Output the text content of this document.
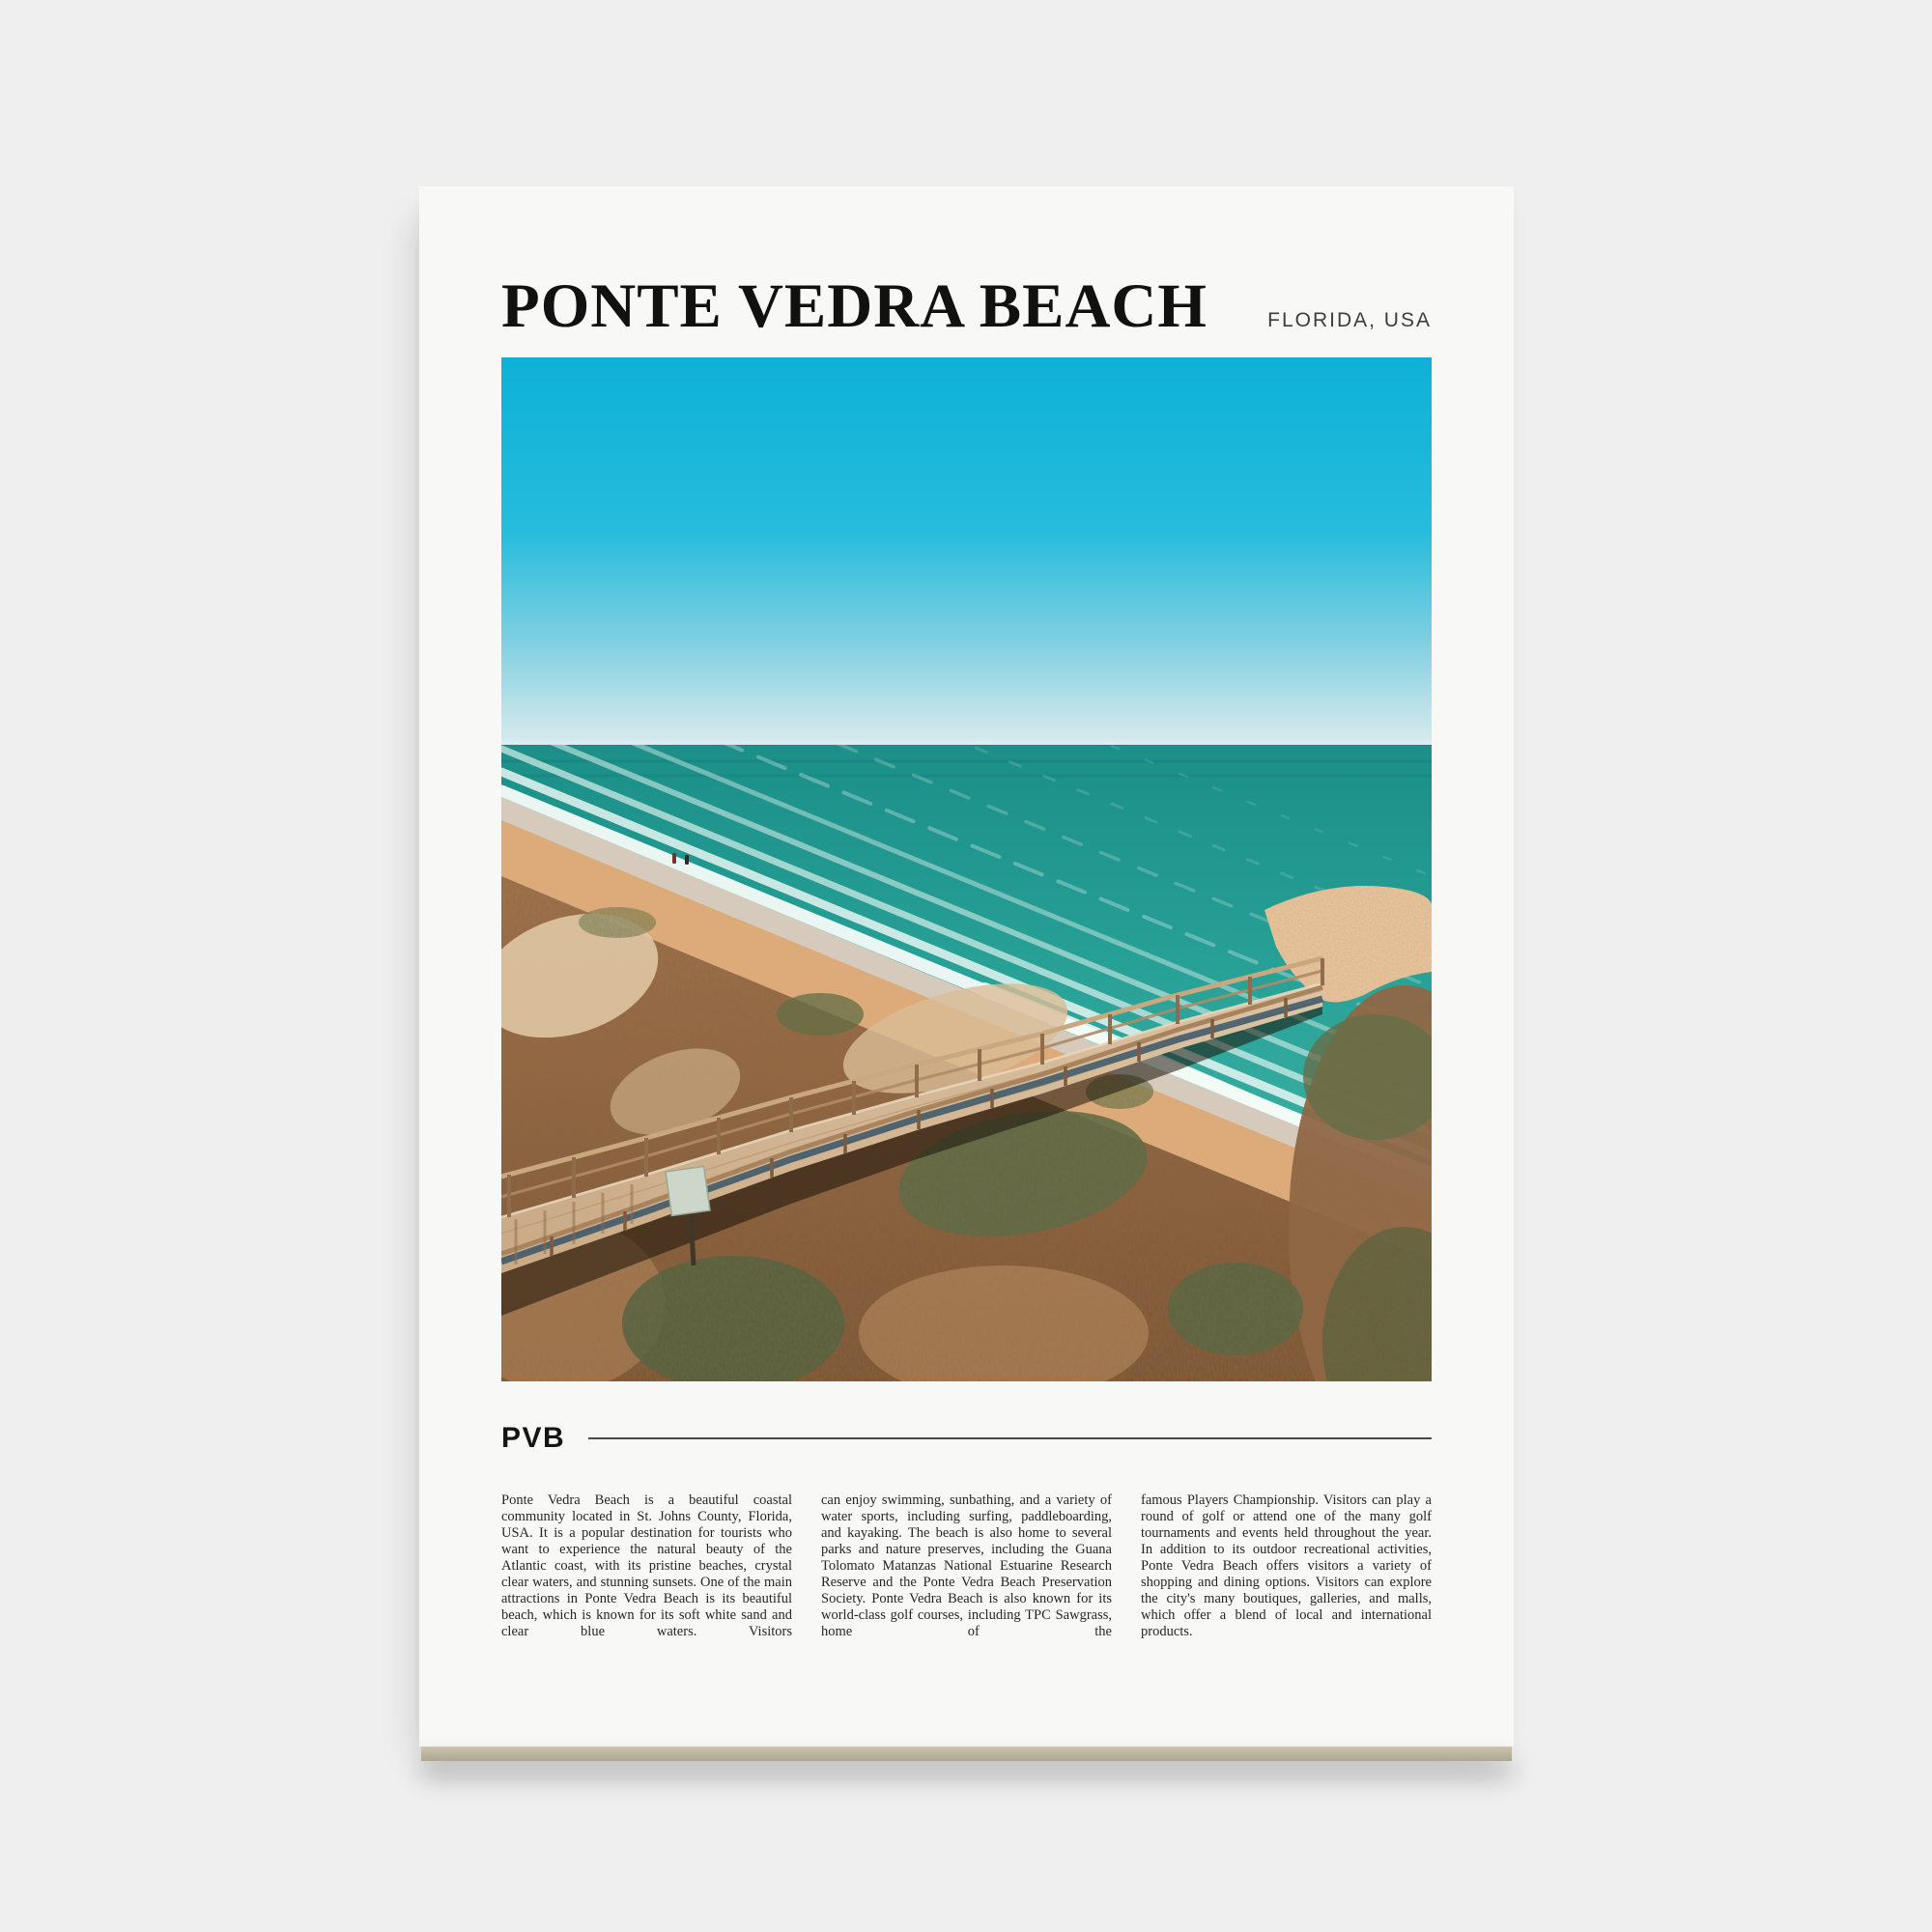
PONTE VEDRA BEACH	FLORIDA, USA
PVB

Ponte Vedra Beach is a beautiful coastal community located in St. Johns County, Florida, USA. It is a popular destination for tourists who want to experience the natural beauty of the Atlantic coast, with its pristine beaches, crystal clear waters, and stunning sunsets. One of the main attractions in Ponte Vedra Beach is its beautiful beach, which is known for its soft white sand and clear blue waters. Visitors

can enjoy swimming, sunbathing, and a variety of water sports, including surfing, paddleboarding, and kayaking. The beach is also home to several parks and nature preserves, including the Guana Tolomato Matanzas National Estuarine Research Reserve and the Ponte Vedra Beach Preservation Society. Ponte Vedra Beach is also known for its world-class golf courses, including TPC Sawgrass, home of the

famous Players Championship. Visitors can play a round of golf or attend one of the many golf tournaments and events held throughout the year. In addition to its outdoor recreational activities, Ponte Vedra Beach offers visitors a variety of shopping and dining options. Visitors can explore the city's many boutiques, galleries, and malls, which offer a blend of local and international products.
